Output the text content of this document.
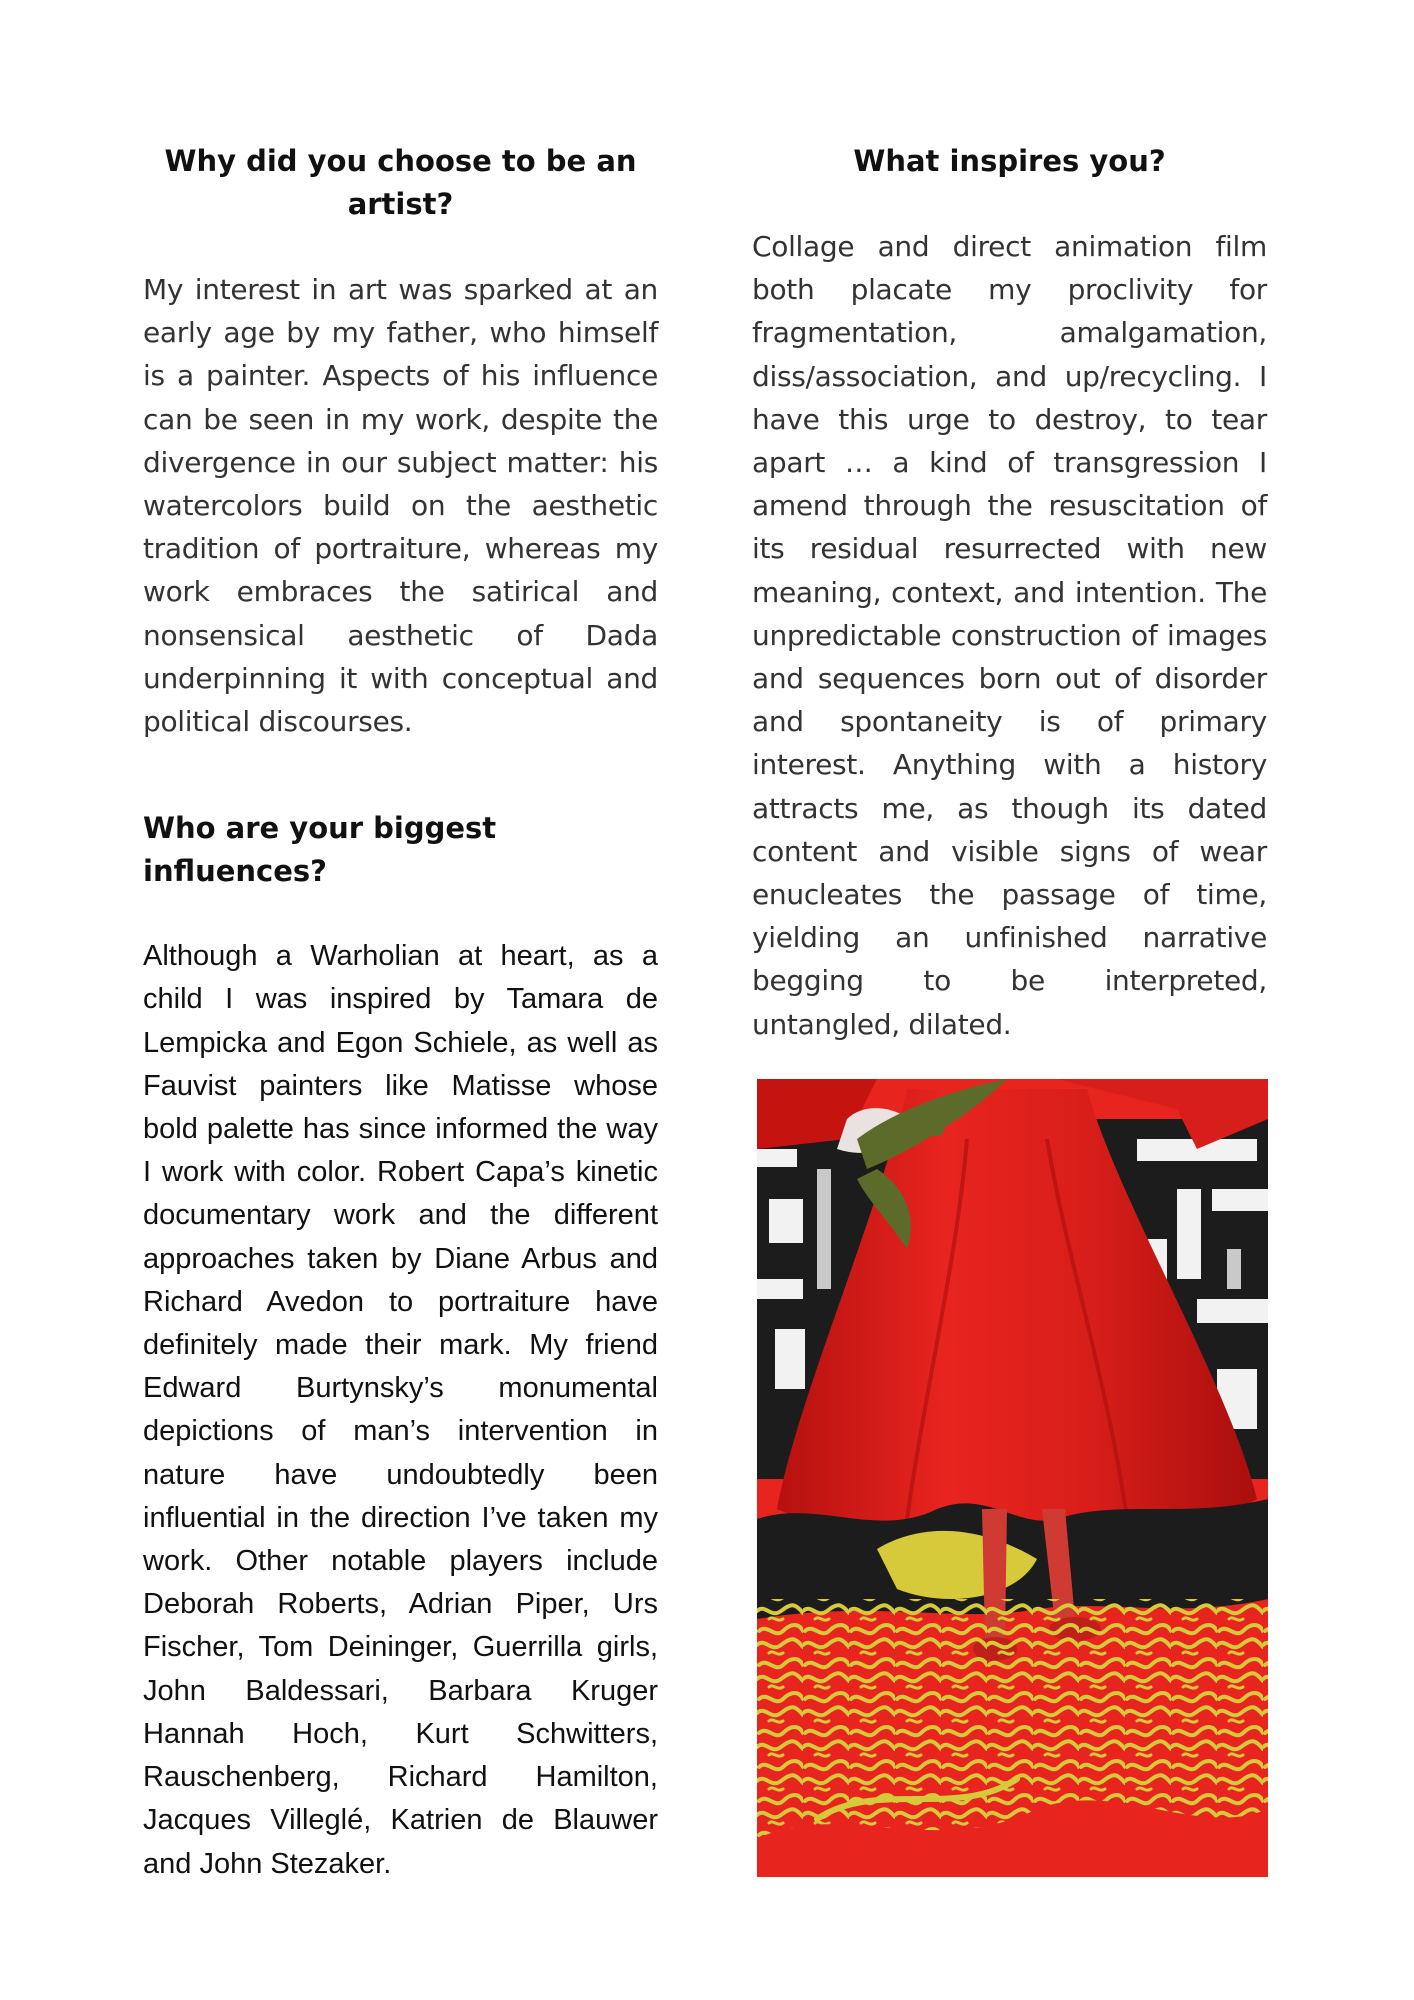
Why did you choose to be an artist?

My interest in art was sparked at an early age by my father, who himself is a painter. Aspects of his influence can be seen in my work, despite the divergence in our subject matter: his watercolors build on the aesthetic tradition of portraiture, whereas my work embraces the satirical and nonsensical aesthetic of Dada underpinning it with conceptual and political discourses.

Who are your biggest influences?

Although a Warholian at heart, as a child I was inspired by Tamara de Lempicka and Egon Schiele, as well as Fauvist painters like Matisse whose bold palette has since informed the way I work with color. Robert Capa’s kinetic documentary work and the different approaches taken by Diane Arbus and Richard Avedon to portraiture have definitely made their mark. My friend Edward Burtynsky’s monumental depictions of man’s intervention in nature have undoubtedly been influential in the direction I’ve taken my work. Other notable players include Deborah Roberts, Adrian Piper, Urs Fischer, Tom Deininger, Guerrilla girls, John Baldessari, Barbara Kruger Hannah Hoch, Kurt Schwitters, Rauschenberg, Richard Hamilton, Jacques Villeglé, Katrien de Blauwer and John Stezaker.

What inspires you?

Collage and direct animation film both placate my proclivity for fragmentation, amalgamation, diss/association, and up/recycling. I have this urge to destroy, to tear apart … a kind of transgression I amend through the resuscitation of its residual resurrected with new meaning, context, and intention. The unpredictable construction of images and sequences born out of disorder and spontaneity is of primary interest. Anything with a history attracts me, as though its dated content and visible signs of wear enucleates the passage of time, yielding an unfinished narrative begging to be interpreted, untangled, dilated.
